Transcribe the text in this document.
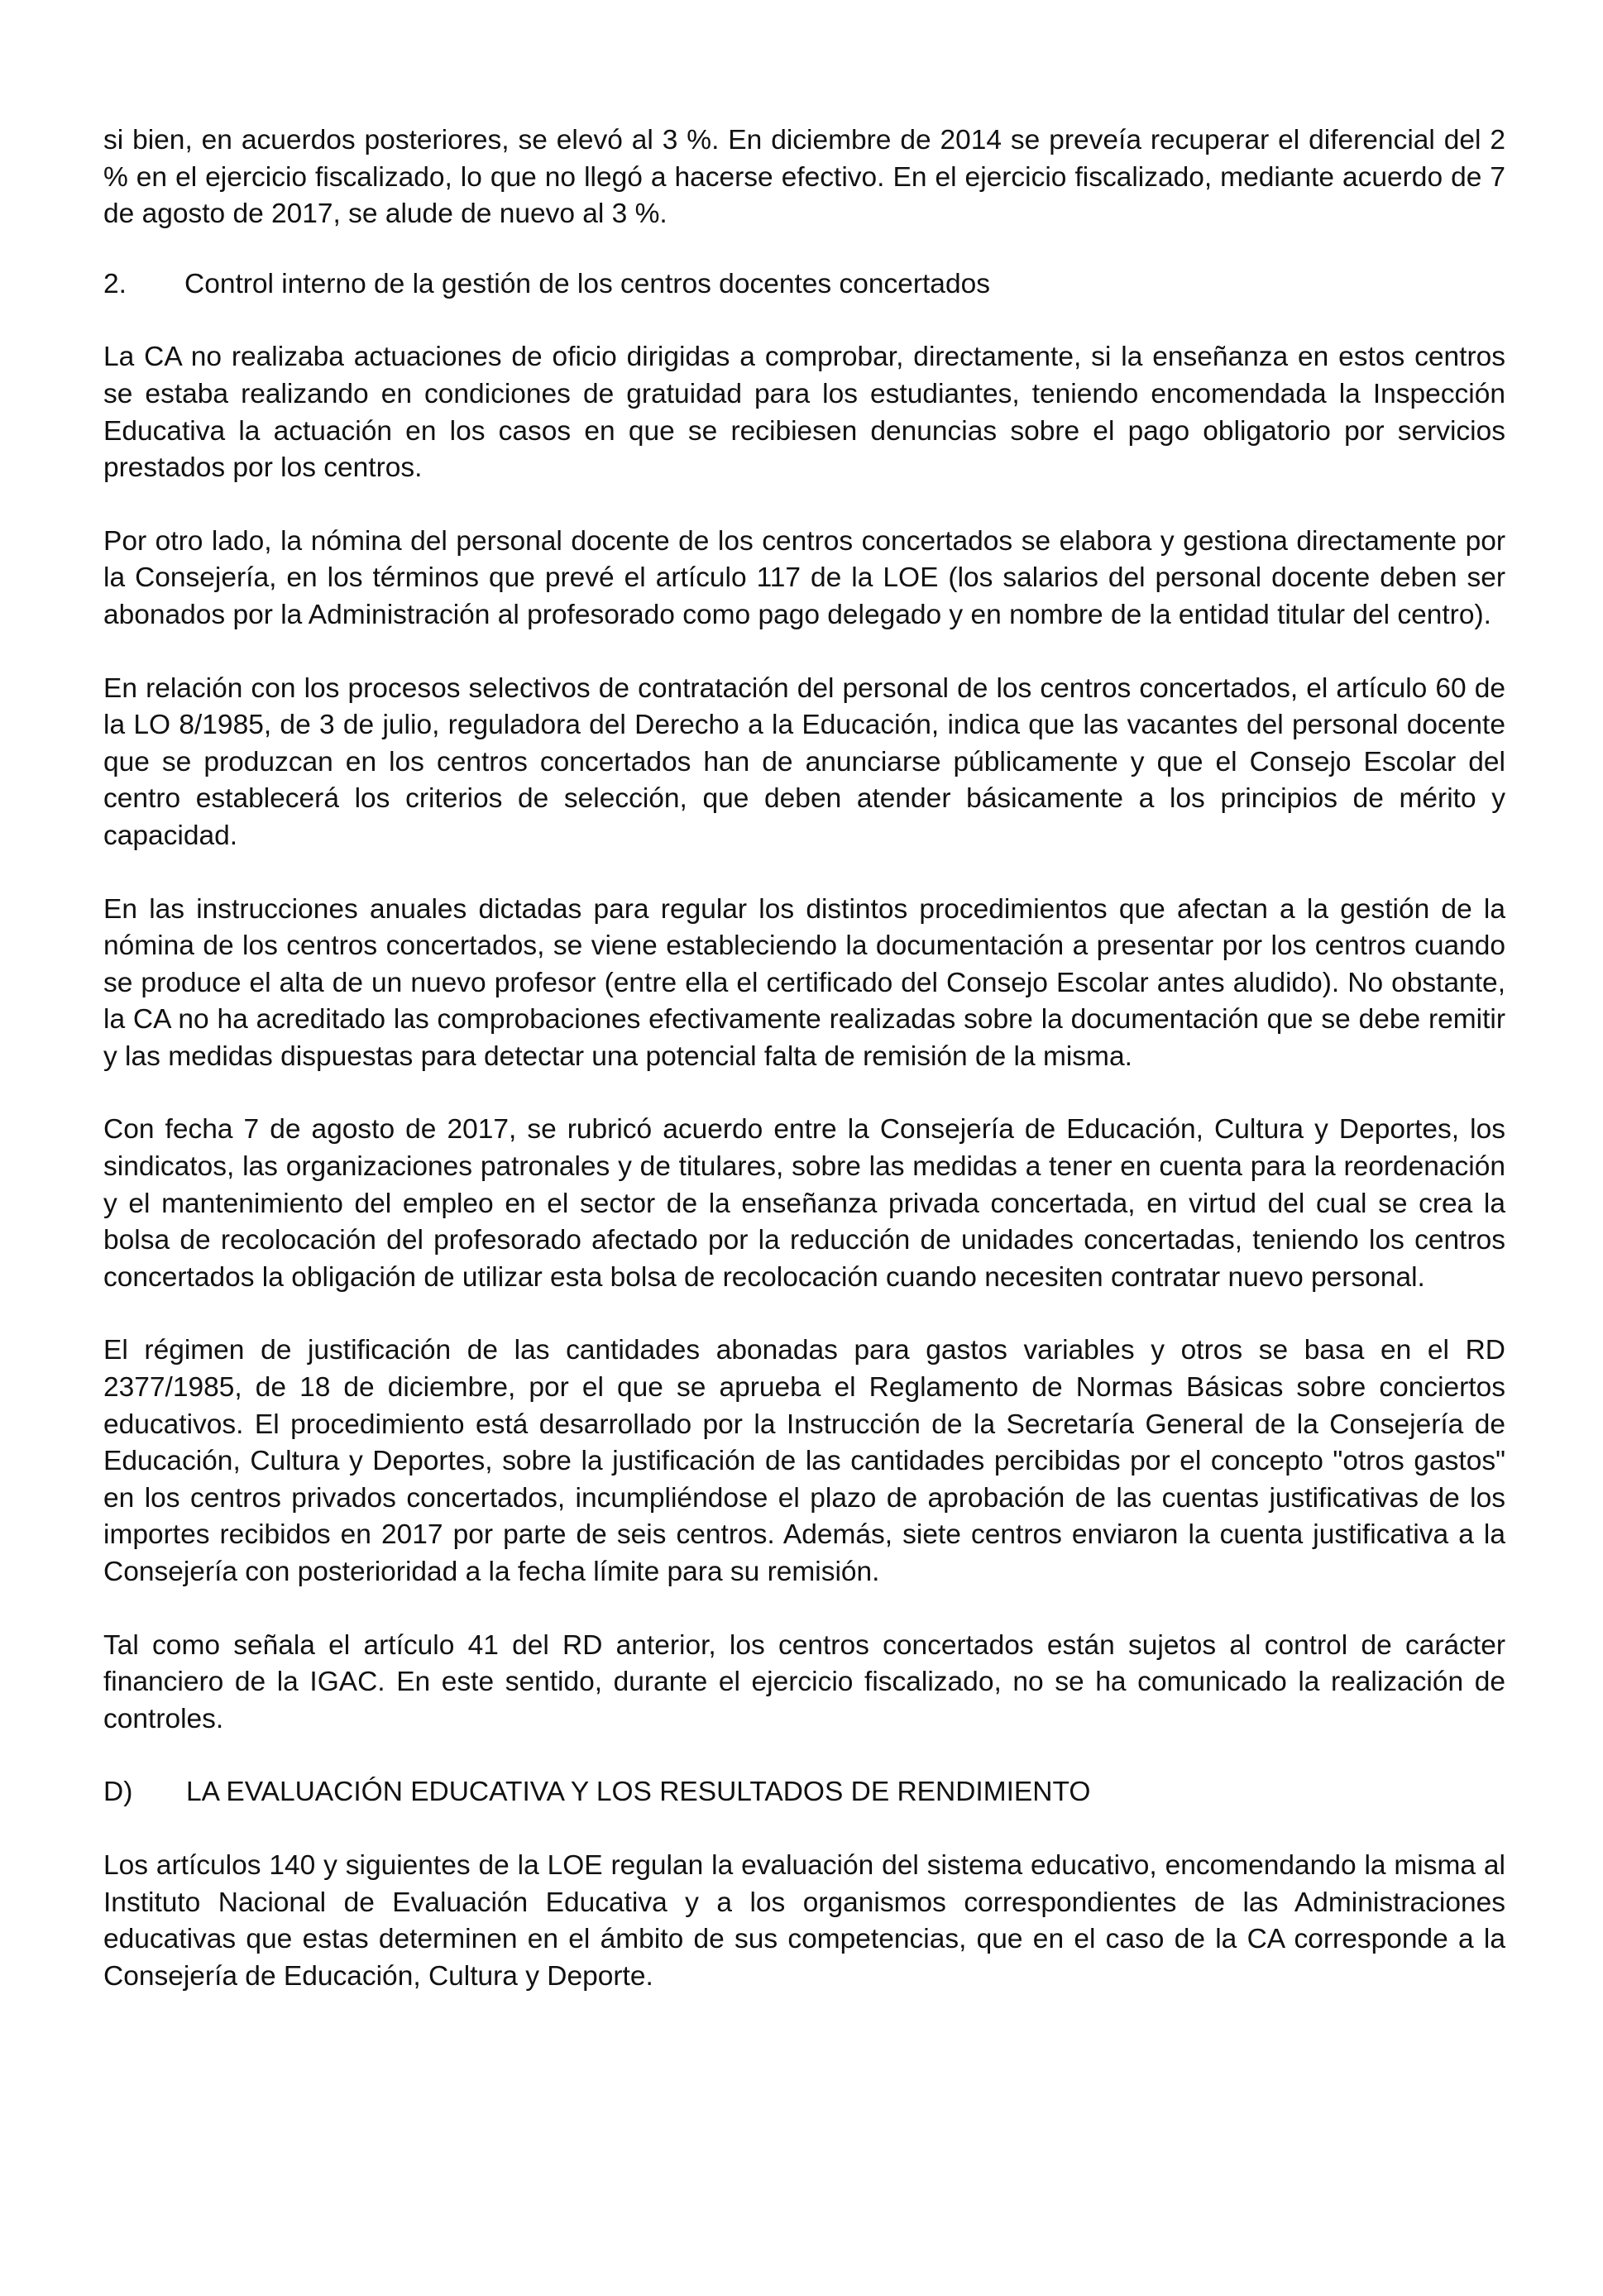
si bien, en acuerdos posteriores, se elevó al 3 %. En diciembre de 2014 se preveía recuperar el diferencial del 2 % en el ejercicio fiscalizado, lo que no llegó a hacerse efectivo. En el ejercicio fiscalizado, mediante acuerdo de 7 de agosto de 2017, se alude de nuevo al 3 %.

2.	Control interno de la gestión de los centros docentes concertados

La CA no realizaba actuaciones de oficio dirigidas a comprobar, directamente, si la enseñanza en estos centros se estaba realizando en condiciones de gratuidad para los estudiantes, teniendo encomendada la Inspección Educativa la actuación en los casos en que se recibiesen denuncias sobre el pago obligatorio por servicios prestados por los centros.

Por otro lado, la nómina del personal docente de los centros concertados se elabora y gestiona directamente por la Consejería, en los términos que prevé el artículo 117 de la LOE (los salarios del personal docente deben ser abonados por la Administración al profesorado como pago delegado y en nombre de la entidad titular del centro).

En relación con los procesos selectivos de contratación del personal de los centros concertados, el artículo 60 de la LO 8/1985, de 3 de julio, reguladora del Derecho a la Educación, indica que las vacantes del personal docente que se produzcan en los centros concertados han de anunciarse públicamente y que el Consejo Escolar del centro establecerá los criterios de selección, que deben atender básicamente a los principios de mérito y capacidad.

En las instrucciones anuales dictadas para regular los distintos procedimientos que afectan a la gestión de la nómina de los centros concertados, se viene estableciendo la documentación a presentar por los centros cuando se produce el alta de un nuevo profesor (entre ella el certificado del Consejo Escolar antes aludido). No obstante, la CA no ha acreditado las comprobaciones efectivamente realizadas sobre la documentación que se debe remitir y las medidas dispuestas para detectar una potencial falta de remisión de la misma.

Con fecha 7 de agosto de 2017, se rubricó acuerdo entre la Consejería de Educación, Cultura y Deportes, los sindicatos, las organizaciones patronales y de titulares, sobre las medidas a tener en cuenta para la reordenación y el mantenimiento del empleo en el sector de la enseñanza privada concertada, en virtud del cual se crea la bolsa de recolocación del profesorado afectado por la reducción de unidades concertadas, teniendo los centros concertados la obligación de utilizar esta bolsa de recolocación cuando necesiten contratar nuevo personal.

El régimen de justificación de las cantidades abonadas para gastos variables y otros se basa en el RD 2377/1985, de 18 de diciembre, por el que se aprueba el Reglamento de Normas Básicas sobre conciertos educativos. El procedimiento está desarrollado por la Instrucción de la Secretaría General de la Consejería de Educación, Cultura y Deportes, sobre la justificación de las cantidades percibidas por el concepto "otros gastos" en los centros privados concertados, incumpliéndose el plazo de aprobación de las cuentas justificativas de los importes recibidos en 2017 por parte de seis centros. Además, siete centros enviaron la cuenta justificativa a la Consejería con posterioridad a la fecha límite para su remisión.

Tal como señala el artículo 41 del RD anterior, los centros concertados están sujetos al control de carácter financiero de la IGAC. En este sentido, durante el ejercicio fiscalizado, no se ha comunicado la realización de controles.

D)	LA EVALUACIÓN EDUCATIVA Y LOS RESULTADOS DE RENDIMIENTO

Los artículos 140 y siguientes de la LOE regulan la evaluación del sistema educativo, encomendando la misma al Instituto Nacional de Evaluación Educativa y a los organismos correspondientes de las Administraciones educativas que estas determinen en el ámbito de sus competencias, que en el caso de la CA corresponde a la Consejería de Educación, Cultura y Deporte.
